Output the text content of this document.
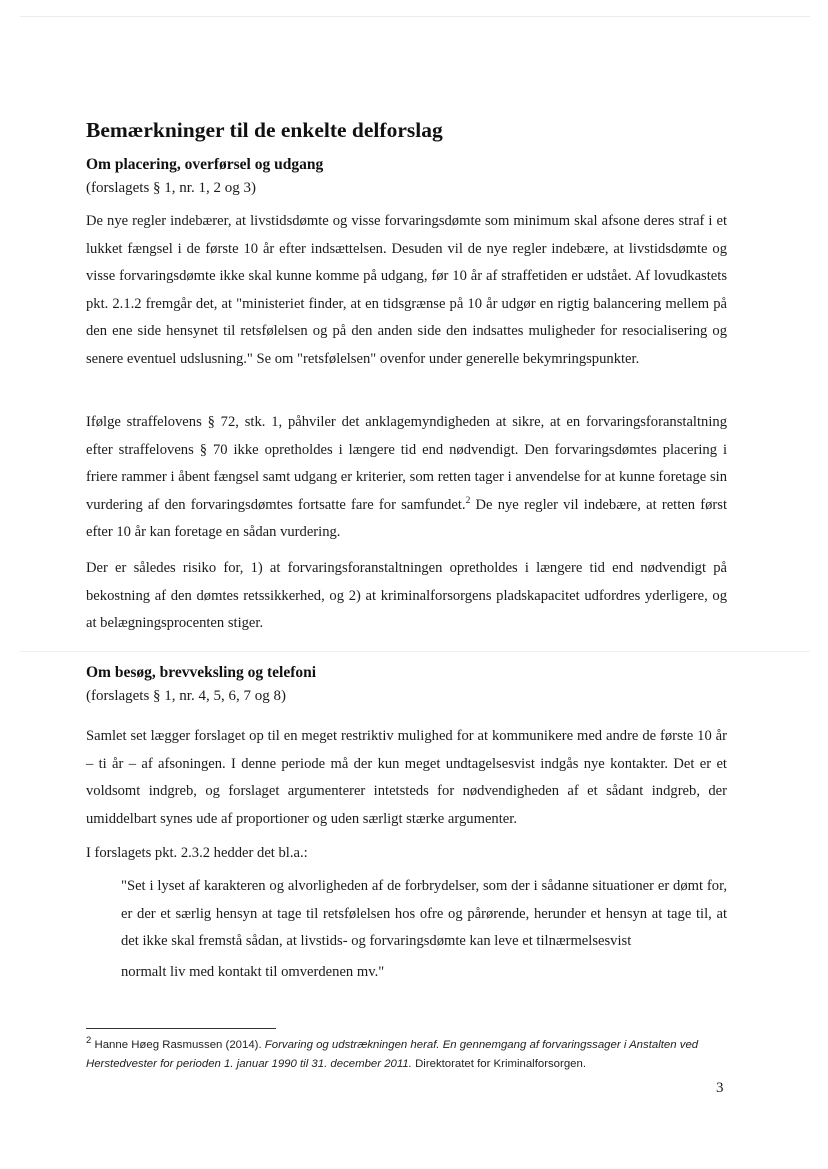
Bemærkninger til de enkelte delforslag
Om placering, overførsel og udgang

(forslagets § 1, nr. 1, 2 og 3)

De nye regler indebærer, at livstidsdømte og visse forvaringsdømte som minimum skal afsone deres straf i et lukket fængsel i de første 10 år efter indsættelsen. Desuden vil de nye regler indebære, at livstidsdømte og visse forvaringsdømte ikke skal kunne komme på udgang, før 10 år af straffetiden er udstået. Af lovudkastets pkt. 2.1.2 fremgår det, at "ministeriet finder, at en tidsgrænse på 10 år udgør en rigtig balancering mellem på den ene side hensynet til retsfølelsen og på den anden side den indsattes muligheder for resocialisering og senere eventuel udslusning." Se om "retsfølelsen" ovenfor under generelle bekymringspunkter.

Ifølge straffelovens § 72, stk. 1, påhviler det anklagemyndigheden at sikre, at en forvaringsforanstaltning efter straffelovens § 70 ikke opretholdes i længere tid end nødvendigt. Den forvaringsdømtes placering i friere rammer i åbent fængsel samt udgang er kriterier, som retten tager i anvendelse for at kunne foretage sin vurdering af den forvaringsdømtes fortsatte fare for samfundet.$^2$ De nye regler vil indebære, at retten først efter 10 år kan foretage en sådan vurdering.

Der er således risiko for, 1) at forvaringsforanstaltningen opretholdes i længere tid end nødvendigt på bekostning af den dømtes retssikkerhed, og 2) at kriminalforsorgens pladskapacitet udfordres yderligere, og at belægningsprocenten stiger.

Om besøg, brevveksling og telefoni

(forslagets § 1, nr. 4, 5, 6, 7 og 8)

Samlet set lægger forslaget op til en meget restriktiv mulighed for at kommunikere med andre de første 10 år – ti år – af afsoningen. I denne periode må der kun meget undtagelsesvist indgås nye kontakter. Det er et voldsomt indgreb, og forslaget argumenterer intetsteds for nødvendigheden af et sådant indgreb, der umiddelbart synes ude af proportioner og uden særligt stærke argumenter.

I forslagets pkt. 2.3.2 hedder det bl.a.:

"Set i lyset af karakteren og alvorligheden af de forbrydelser, som der i sådanne situationer er dømt for, er der et særlig hensyn at tage til retsfølelsen hos ofre og pårørende, herunder et hensyn at tage til, at det ikke skal fremstå sådan, at livstids- og forvaringsdømte kan leve et tilnærmelsesvist

normalt liv med kontakt til omverdenen mv."

$^2$ Hanne Høeg Rasmussen (2014). Forvaring og udstrækningen heraf. En gennemgang af forvaringssager i Anstalten ved Herstedvester for perioden 1. januar 1990 til 31. december 2011. Direktoratet for Kriminalforsorgen.

3
